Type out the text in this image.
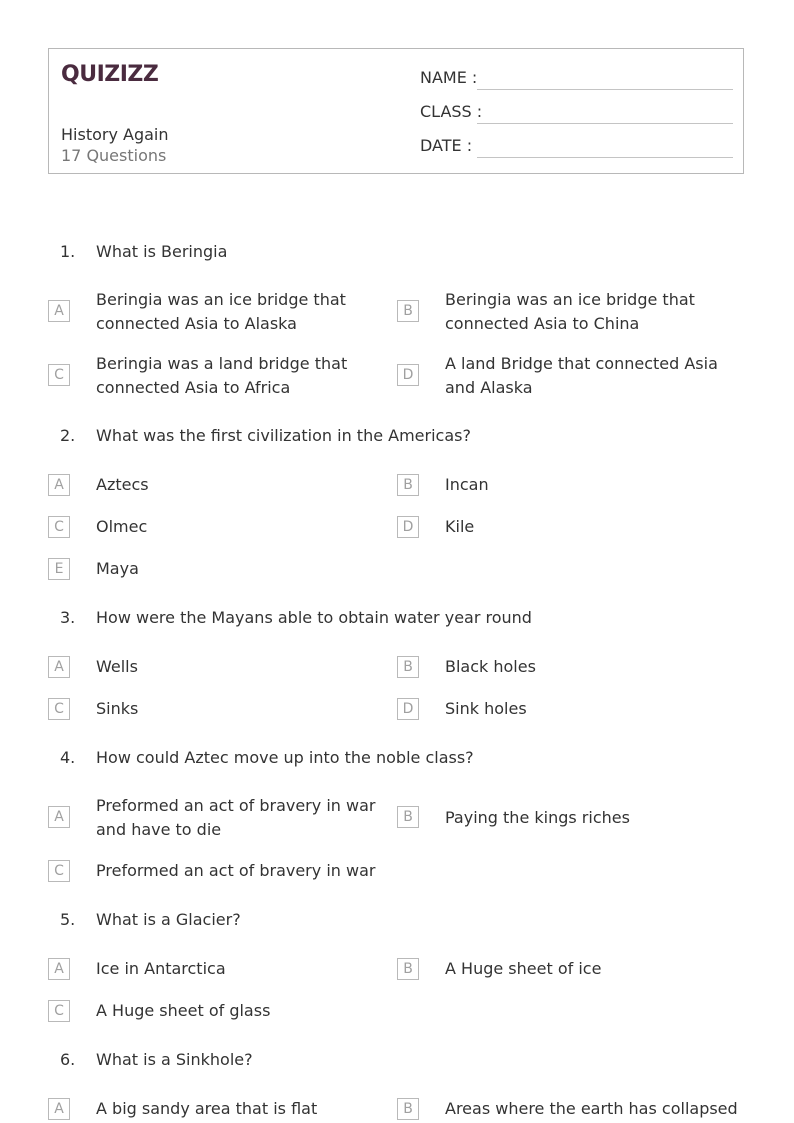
QUIZIZZ
History Again
17 Questions
NAME :
CLASS :
DATE :
1. What is Beringia
A
Beringia was an ice bridge that connected Asia to Alaska
B
Beringia was an ice bridge that connected Asia to China
C
Beringia was a land bridge that connected Asia to Africa
D
A land Bridge that connected Asia and Alaska
2. What was the first civilization in the Americas?
A	Aztecs	B	Incan
C	Olmec	D	Kile
E	Maya
3. How were the Mayans able to obtain water year round
A	Wells	B	Black holes
C	Sinks	D	Sink holes
4. How could Aztec move up into the noble class?
A
Preformed an act of bravery in war and have to die
B	Paying the kings riches
C	Preformed an act of bravery in war
5. What is a Glacier?
A	Ice in Antarctica	B	A Huge sheet of ice
C	A Huge sheet of glass
6. What is a Sinkhole?
A	A big sandy area that is flat	B	Areas where the earth has collapsed
